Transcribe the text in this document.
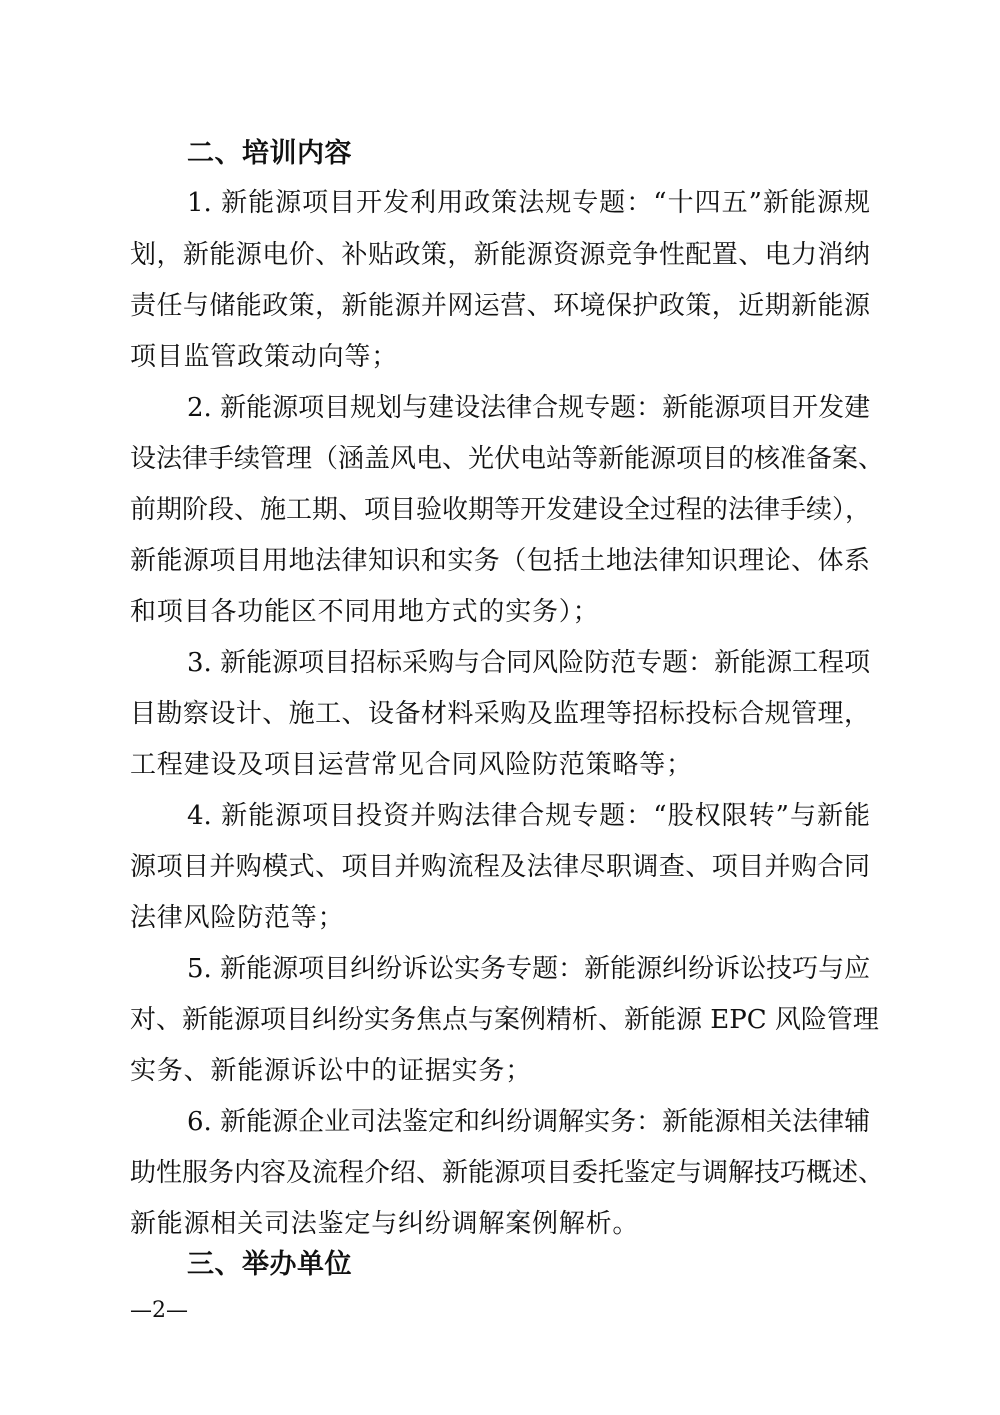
二、培训内容
1. 新能源项目开发利用政策法规专题：“十四五”新能源规
划，新能源电价、补贴政策，新能源资源竞争性配置、电力消纳
责任与储能政策，新能源并网运营、环境保护政策，近期新能源
项目监管政策动向等；
2. 新能源项目规划与建设法律合规专题：新能源项目开发建
设法律手续管理（涵盖风电、光伏电站等新能源项目的核准备案、
前期阶段、施工期、项目验收期等开发建设全过程的法律手续），
新能源项目用地法律知识和实务（包括土地法律知识理论、体系
和项目各功能区不同用地方式的实务）；
3. 新能源项目招标采购与合同风险防范专题：新能源工程项
目勘察设计、施工、设备材料采购及监理等招标投标合规管理，
工程建设及项目运营常见合同风险防范策略等；
4. 新能源项目投资并购法律合规专题：“股权限转”与新能
源项目并购模式、项目并购流程及法律尽职调查、项目并购合同
法律风险防范等；
5. 新能源项目纠纷诉讼实务专题：新能源纠纷诉讼技巧与应
对、新能源项目纠纷实务焦点与案例精析、新能源 EPC 风险管理
实务、新能源诉讼中的证据实务；
6. 新能源企业司法鉴定和纠纷调解实务：新能源相关法律辅
助性服务内容及流程介绍、新能源项目委托鉴定与调解技巧概述、
新能源相关司法鉴定与纠纷调解案例解析。
三、举办单位
—2—
